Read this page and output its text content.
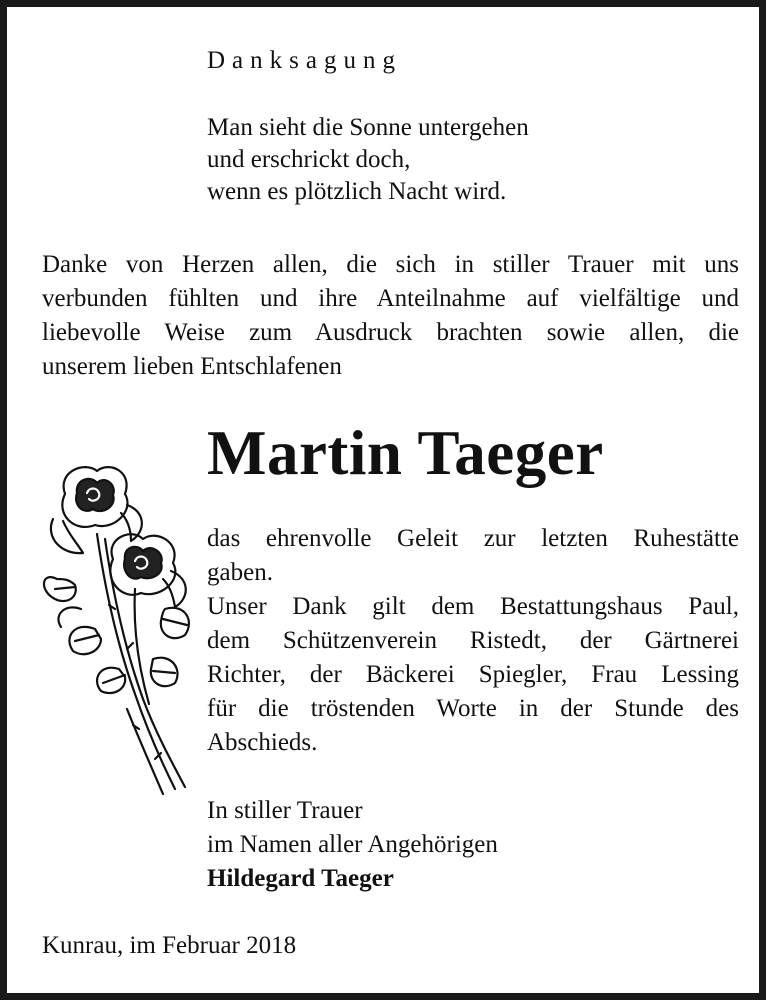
Danksagung
Man sieht die Sonne untergehen
und erschrickt doch,
wenn es plötzlich Nacht wird.
Danke von Herzen allen, die sich in stiller Trauer mit uns
verbunden fühlten und ihre Anteilnahme auf vielfältige und
liebevolle Weise zum Ausdruck brachten sowie allen, die
unserem lieben Entschlafenen
Martin Taeger
das ehrenvolle Geleit zur letzten Ruhestätte
gaben.
Unser Dank gilt dem Bestattungshaus Paul,
dem Schützenverein Ristedt, der Gärtnerei
Richter, der Bäckerei Spiegler, Frau Lessing
für die tröstenden Worte in der Stunde des
Abschieds.
In stiller Trauer
im Namen aller Angehörigen
Hildegard Taeger
Kunrau, im Februar 2018
